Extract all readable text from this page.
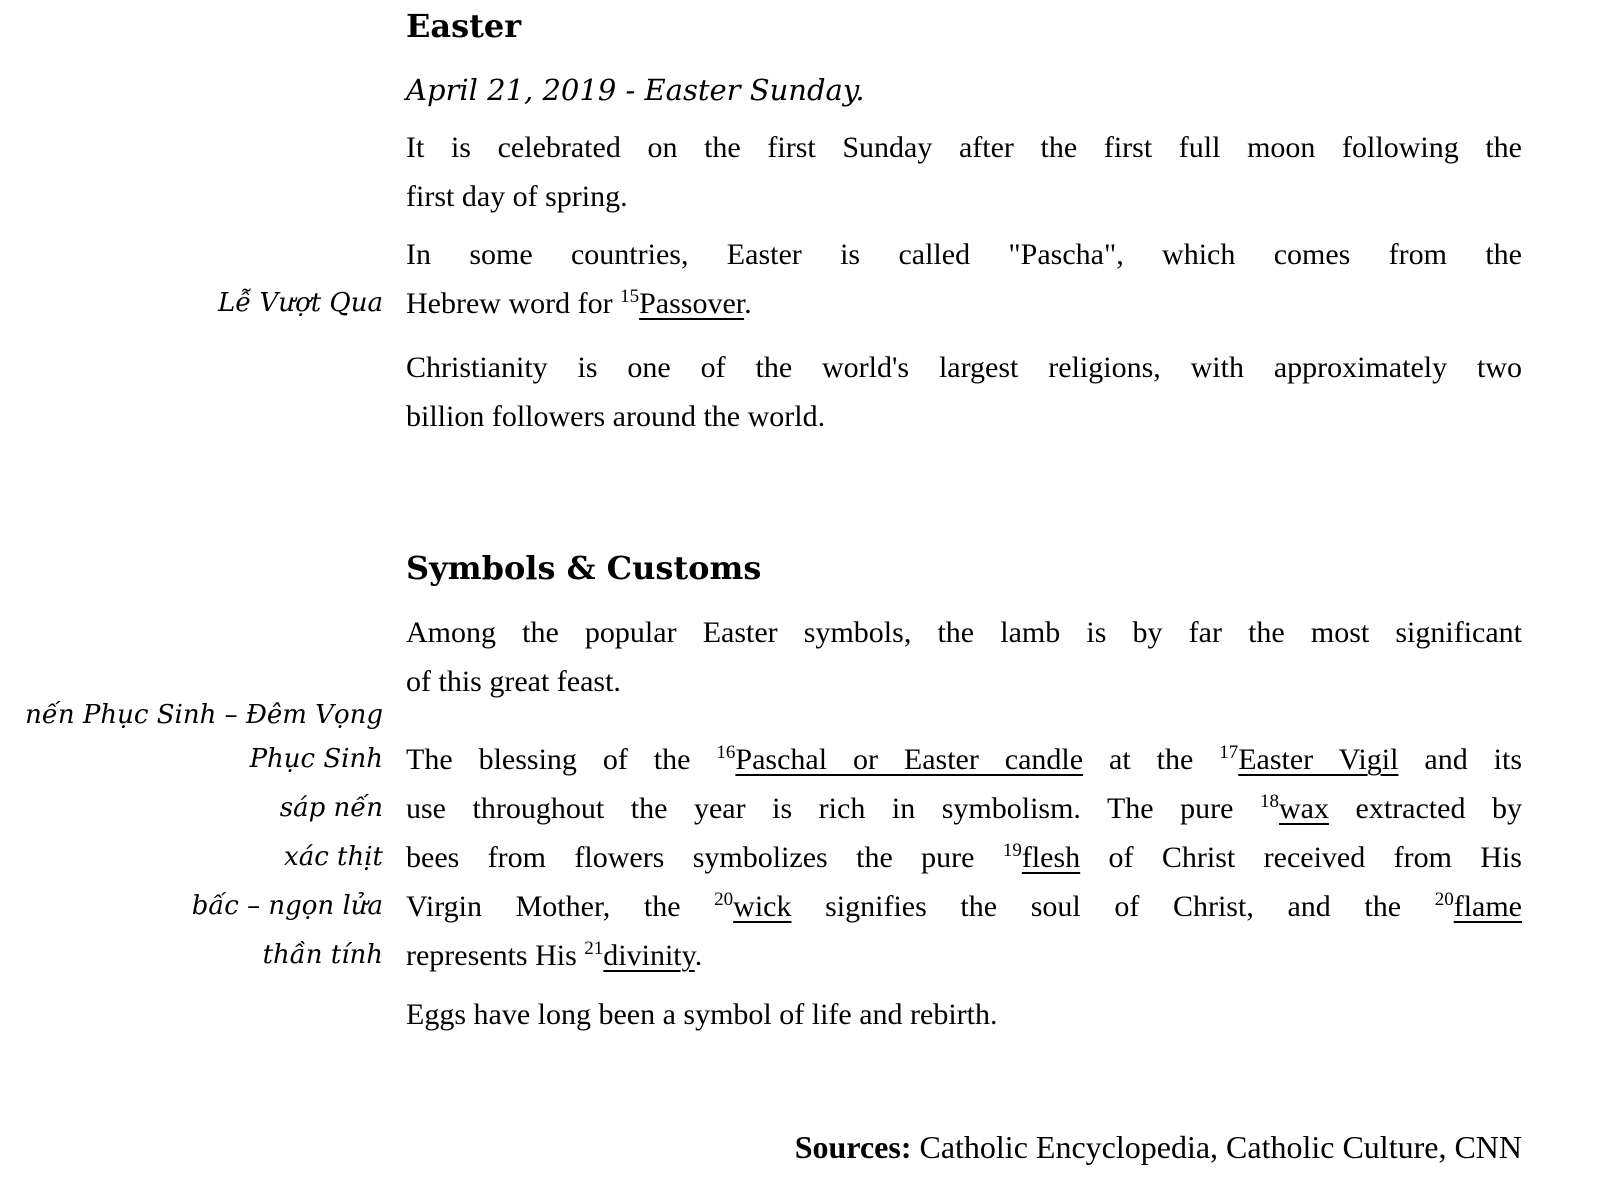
Lễ Vượt Qua
nến Phục Sinh – Đêm Vọng
Phục Sinh
sáp nến
xác thịt
bấc – ngọn lửa
thần tính
Easter

April 21, 2019 - Easter Sunday.

Symbols & Customs
It is celebrated on the first Sunday after the first full moon following the
first day of spring.
In some countries, Easter is called "Pascha", which comes from the
Hebrew word for $^{15}$Passover.
Christianity is one of the world's largest religions, with approximately two
billion followers around the world.
Among the popular Easter symbols, the lamb is by far the most significant
of this great feast.
The blessing of the $^{16}$Paschal or Easter candle at the $^{17}$Easter Vigil and its
use throughout the year is rich in symbolism. The pure $^{18}$wax extracted by
bees from flowers symbolizes the pure $^{19}$flesh of Christ received from His
Virgin Mother, the $^{20}$wick signifies the soul of Christ, and the $^{20}$flame
represents His $^{21}$divinity.
Eggs have long been a symbol of life and rebirth.

Sources: Catholic Encyclopedia, Catholic Culture, CNN
